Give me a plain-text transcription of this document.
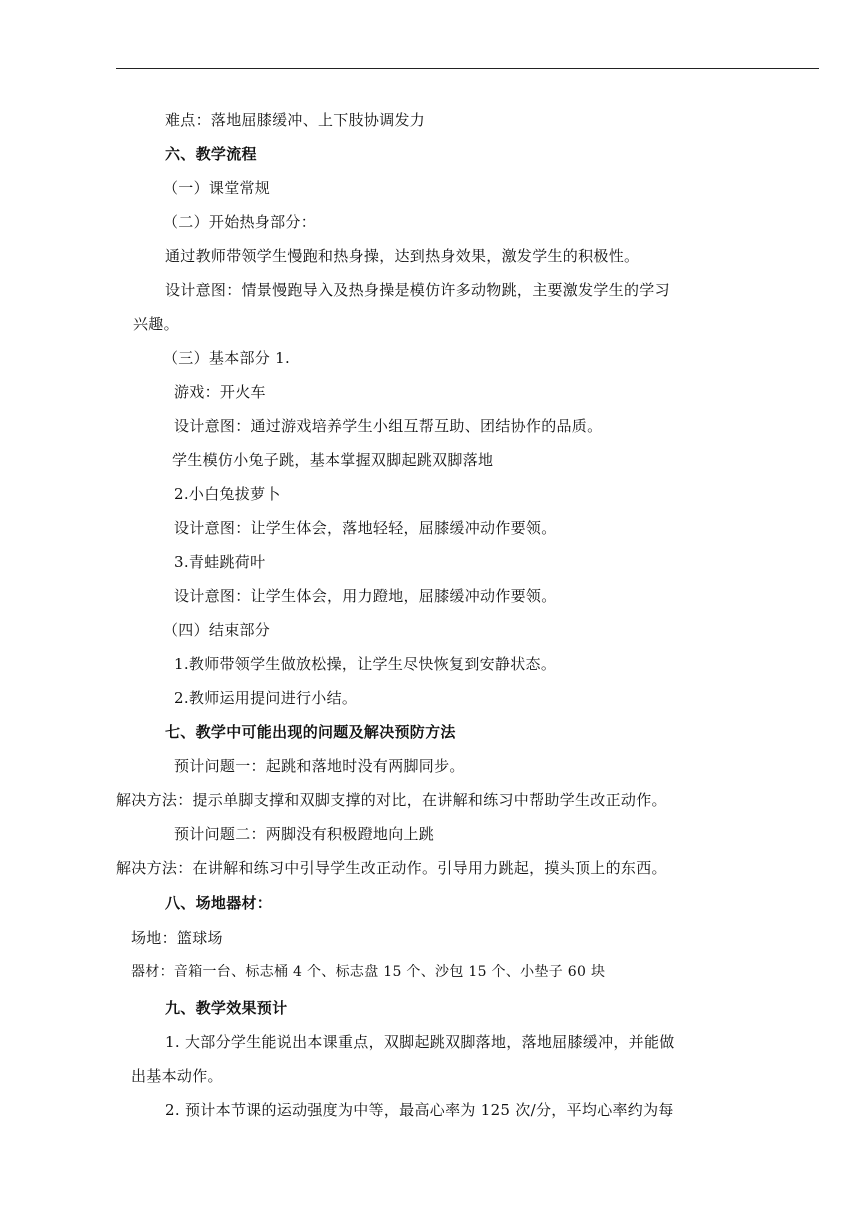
难点：落地屈膝缓冲、上下肢协调发力
六、教学流程
（一）课堂常规
（二）开始热身部分：
通过教师带领学生慢跑和热身操，达到热身效果，激发学生的积极性。
设计意图：情景慢跑导入及热身操是模仿许多动物跳，主要激发学生的学习
兴趣。
（三）基本部分 1.
游戏：开火车
设计意图：通过游戏培养学生小组互帮互助、团结协作的品质。
学生模仿小兔子跳，基本掌握双脚起跳双脚落地
2.小白兔拔萝卜
设计意图：让学生体会，落地轻轻，屈膝缓冲动作要领。
3.青蛙跳荷叶
设计意图：让学生体会，用力蹬地，屈膝缓冲动作要领。
（四）结束部分
1.教师带领学生做放松操，让学生尽快恢复到安静状态。
2.教师运用提问进行小结。
七、教学中可能出现的问题及解决预防方法
预计问题一：起跳和落地时没有两脚同步。
解决方法：提示单脚支撑和双脚支撑的对比，在讲解和练习中帮助学生改正动作。
预计问题二：两脚没有积极蹬地向上跳
解决方法：在讲解和练习中引导学生改正动作。引导用力跳起，摸头顶上的东西。
八、场地器材：
场地：篮球场
器材：音箱一台、标志桶 4 个、标志盘 15 个、沙包 15 个、小垫子 60 块
九、教学效果预计
1. 大部分学生能说出本课重点，双脚起跳双脚落地，落地屈膝缓冲，并能做
出基本动作。
2. 预计本节课的运动强度为中等，最高心率为 125 次/分，平均心率约为每
